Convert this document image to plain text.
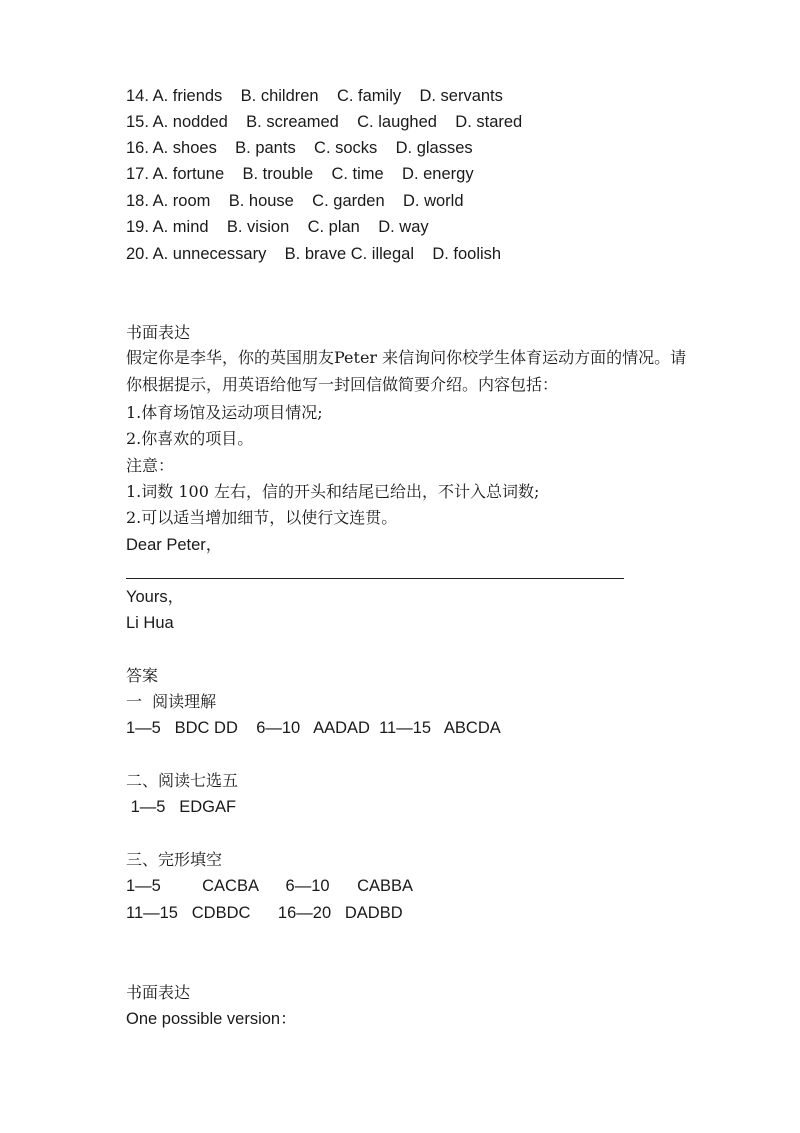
14. A. friends    B. children    C. family    D. servants
15. A. nodded    B. screamed    C. laughed    D. stared
16. A. shoes    B. pants    C. socks    D. glasses
17. A. fortune    B. trouble    C. time    D. energy
18. A. room    B. house    C. garden    D. world
19. A. mind    B. vision    C. plan    D. way
20. A. unnecessary    B. brave C. illegal    D. foolish
书面表达
假定你是李华，你的英国朋友Peter 来信询问你校学生体育运动方面的情况。请你根据提示，用英语给他写一封回信做简要介绍。内容包括：
1.体育场馆及运动项目情况;
2.你喜欢的项目。
注意：
1.词数 100 左右，信的开头和结尾已给出，不计入总词数;
2.可以适当增加细节，以使行文连贯。
Dear Peter，
Yours，
Li Hua
答案
一  阅读理解
1—5   BDC DD    6—10   AADAD  11—15   ABCDA
二、阅读七选五
1—5   EDGAF
三、完形填空
1—5         CACBA      6—10      CABBA
11—15   CDBDC      16—20   DADBD
书面表达
One possible version：
